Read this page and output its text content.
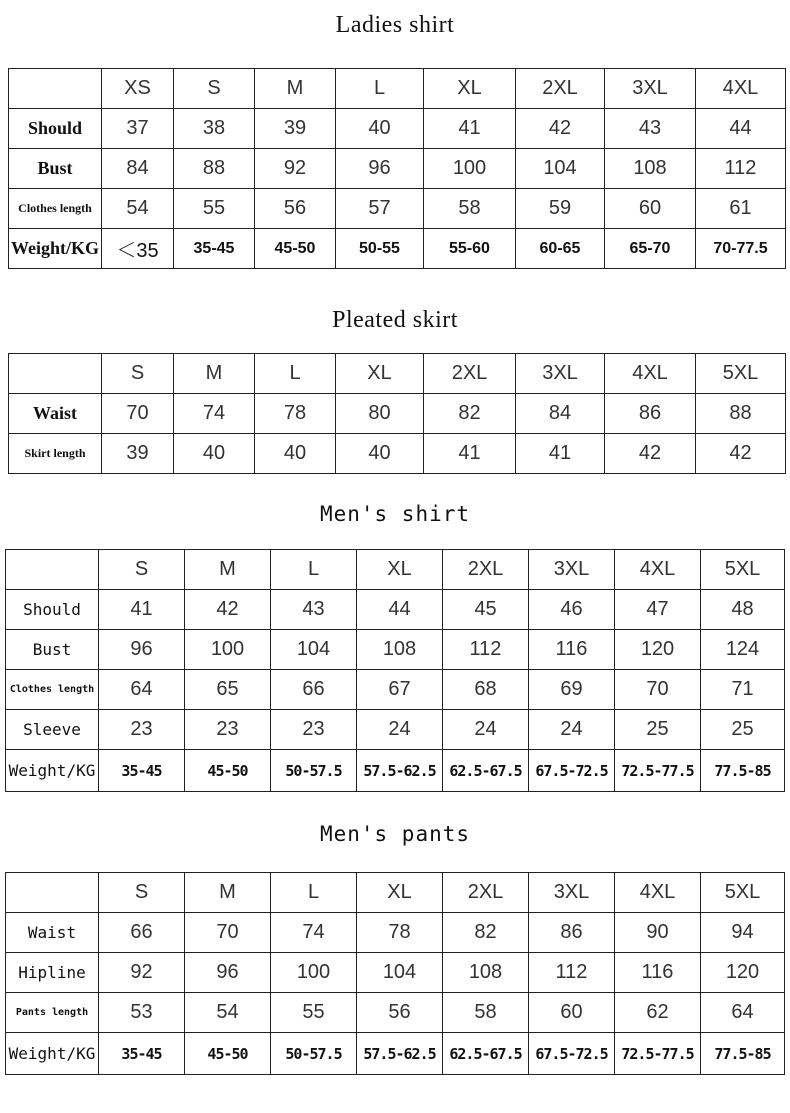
Ladies shirt
	XS	S	M	L	XL	2XL	3XL	4XL
Should	37	38	39	40	41	42	43	44
Bust	84	88	92	96	100	104	108	112
Clothes length	54	55	56	57	58	59	60	61
Weight/KG	＜35	35-45	45-50	50-55	55-60	60-65	65-70	70-77.5
Pleated skirt
	S	M	L	XL	2XL	3XL	4XL	5XL
Waist	70	74	78	80	82	84	86	88
Skirt length	39	40	40	40	41	41	42	42
Men's shirt
	S	M	L	XL	2XL	3XL	4XL	5XL
Should	41	42	43	44	45	46	47	48
Bust	96	100	104	108	112	116	120	124
Clothes length	64	65	66	67	68	69	70	71
Sleeve	23	23	23	24	24	24	25	25
Weight/KG	35-45	45-50	50-57.5	57.5-62.5	62.5-67.5	67.5-72.5	72.5-77.5	77.5-85
Men's pants
	S	M	L	XL	2XL	3XL	4XL	5XL
Waist	66	70	74	78	82	86	90	94
Hipline	92	96	100	104	108	112	116	120
Pants length	53	54	55	56	58	60	62	64
Weight/KG	35-45	45-50	50-57.5	57.5-62.5	62.5-67.5	67.5-72.5	72.5-77.5	77.5-85
